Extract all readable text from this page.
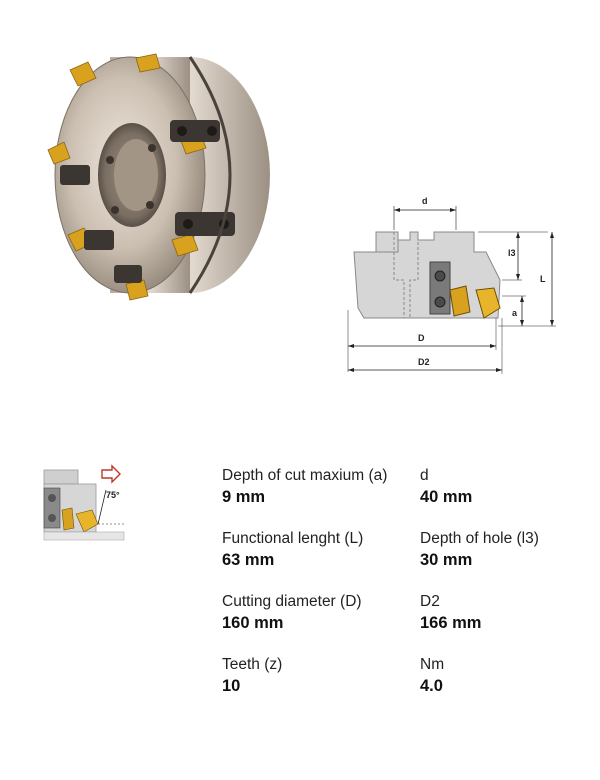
d
l3
L
a
D
D2
75°
Depth of cut maxium (a)
9 mm
d
40 mm
Functional lenght (L)
63 mm
Depth of hole (l3)
30 mm
Cutting diameter (D)
160 mm
D2
166 mm
Teeth (z)
10
Nm
4.0
